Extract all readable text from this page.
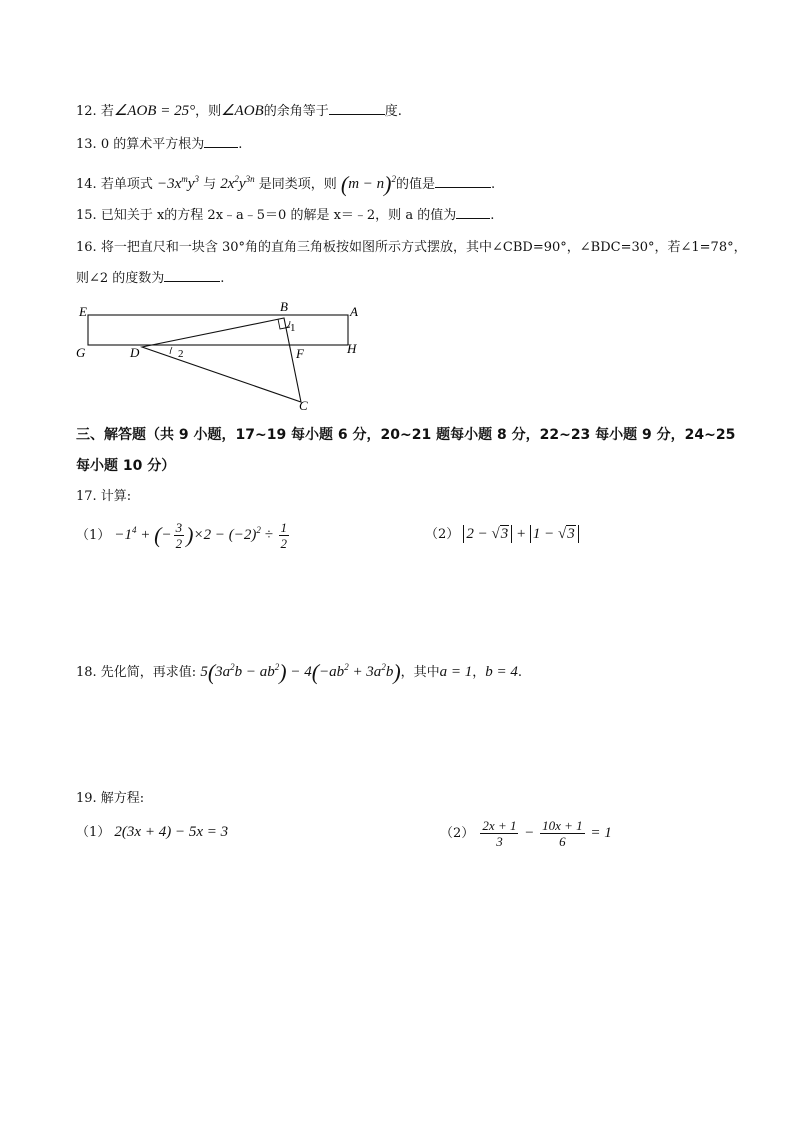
12. 若∠AOB = 25°，则∠AOB的余角等于	度.
13. 0 的算术平方根为	.
14. 若单项式 $-3x^my^3$ 与 $2x^2y^{3n}$ 是同类项，则 $(m - n)^2$的值是	.
15. 已知关于 x的方程 2x﹣a﹣5＝0 的解是 x＝﹣2，则 a 的值为	.
16. 将一把直尺和一块含 30°角的直角三角板按如图所示方式摆放，其中∠CBD=90°，∠BDC=30°，若∠1=78°，
则∠2 的度数为	.
E	A
G	H
B
D	F
C
1
2
三、解答题（共 9 小题，17~19 每小题 6 分，20~21 题每小题 8 分，22~23 每小题 9 分，24~25
每小题 10 分）
17. 计算:
$(1) -1^4$ + (− $\frac{3}{2} )\times 2 - (-2)^2 \div \frac{1}{2}$	（2） 2 − √3 + 1 − √3
18. 先化简，再求值: $5(3a^2b - ab^2) - 4(-ab^2 + 3a^2b)$，其中a = 1，b = 4.
19. 解方程:
（1） 2(3x + 4) − 5x = 3	$(2) \frac{2x + 1}{3} - \frac{10x + 1}{6} = 1$
